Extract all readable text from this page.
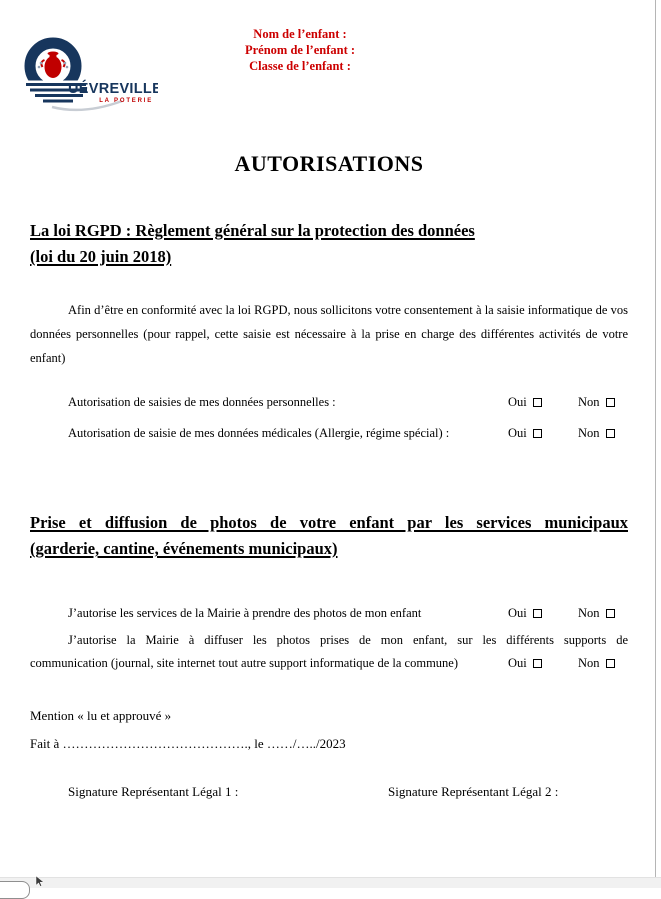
UÉVREVILLE
LA POTERIE
Nom de l’enfant :
Prénom de l’enfant :
Classe de l’enfant :
AUTORISATIONS
La loi RGPD : Règlement général sur la protection des données
(loi du 20 juin 2018)

Afin d’être en conformité avec la loi RGPD, nous sollicitons votre consentement à la saisie informatique de vos données personnelles (pour rappel, cette saisie est nécessaire à la prise en charge des différentes activités de votre enfant)

Autorisation de saisies de mes données personnelles :	Oui	Non
Autorisation de saisie de mes données médicales (Allergie, régime spécial) :	Oui	Non
Prise et diffusion de photos de votre enfant par les services municipaux
(garderie, cantine, événements municipaux)
J’autorise les services de la Mairie à prendre des photos de mon enfant	Oui	Non
J’autorise la Mairie à diffuser les photos prises de mon enfant, sur les différents supports de
communication (journal, site internet tout autre support informatique de la commune)	Oui	Non
Mention « lu et approuvé »
Fait à ……………………………………., le ……/…../2023
Signature Représentant Légal 1 :	Signature Représentant Légal 2 :
